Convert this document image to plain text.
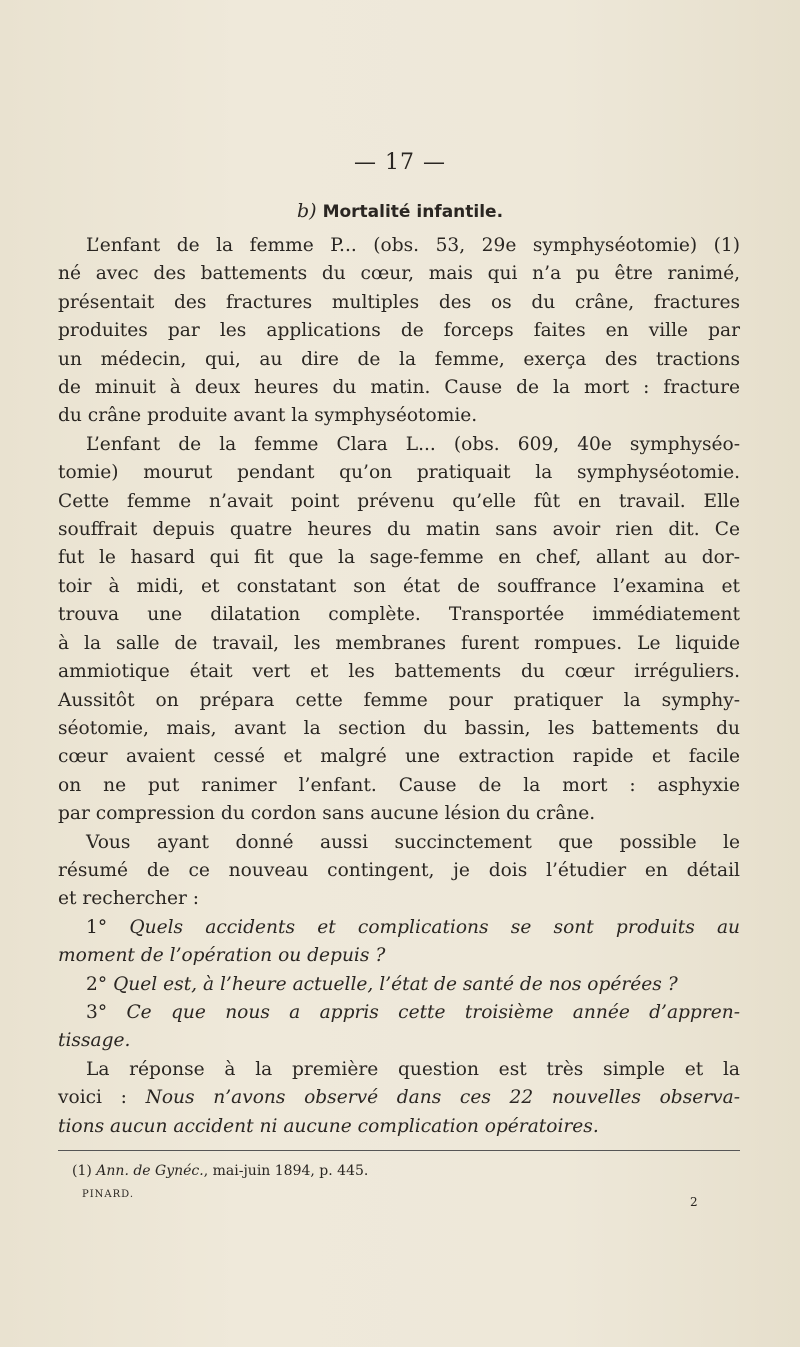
— 17 —
b) Mortalité infantile.
L’enfant de la femme P... (obs. 53, 29e symphyséotomie) (1)
né avec des battements du cœur, mais qui n’a pu être ranimé,
présentait des fractures multiples des os du crâne, fractures
produites par les applications de forceps faites en ville par
un médecin, qui, au dire de la femme, exerça des tractions
de minuit à deux heures du matin. Cause de la mort : fracture
du crâne produite avant la symphyséotomie.
L’enfant de la femme Clara L... (obs. 609, 40e symphyséo-
tomie) mourut pendant qu’on pratiquait la symphyséotomie.
Cette femme n’avait point prévenu qu’elle fût en travail. Elle
souffrait depuis quatre heures du matin sans avoir rien dit. Ce
fut le hasard qui fit que la sage-femme en chef, allant au dor-
toir à midi, et constatant son état de souffrance l’examina et
trouva une dilatation complète. Transportée immédiatement
à la salle de travail, les membranes furent rompues. Le liquide
ammiotique était vert et les battements du cœur irréguliers.
Aussitôt on prépara cette femme pour pratiquer la symphy-
séotomie, mais, avant la section du bassin, les battements du
cœur avaient cessé et malgré une extraction rapide et facile
on ne put ranimer l’enfant. Cause de la mort : asphyxie
par compression du cordon sans aucune lésion du crâne.
Vous ayant donné aussi succinctement que possible le
résumé de ce nouveau contingent, je dois l’étudier en détail
et rechercher :
1° Quels accidents et complications se sont produits au
moment de l’opération ou depuis ?
2° Quel est, à l’heure actuelle, l’état de santé de nos opérées ?
3° Ce que nous a appris cette troisième année d’appren-
tissage.
La réponse à la première question est très simple et la
voici : Nous n’avons observé dans ces 22 nouvelles observa-
tions aucun accident ni aucune complication opératoires.
(1) Ann. de Gynéc., mai-juin 1894, p. 445.
PINARD.
2
